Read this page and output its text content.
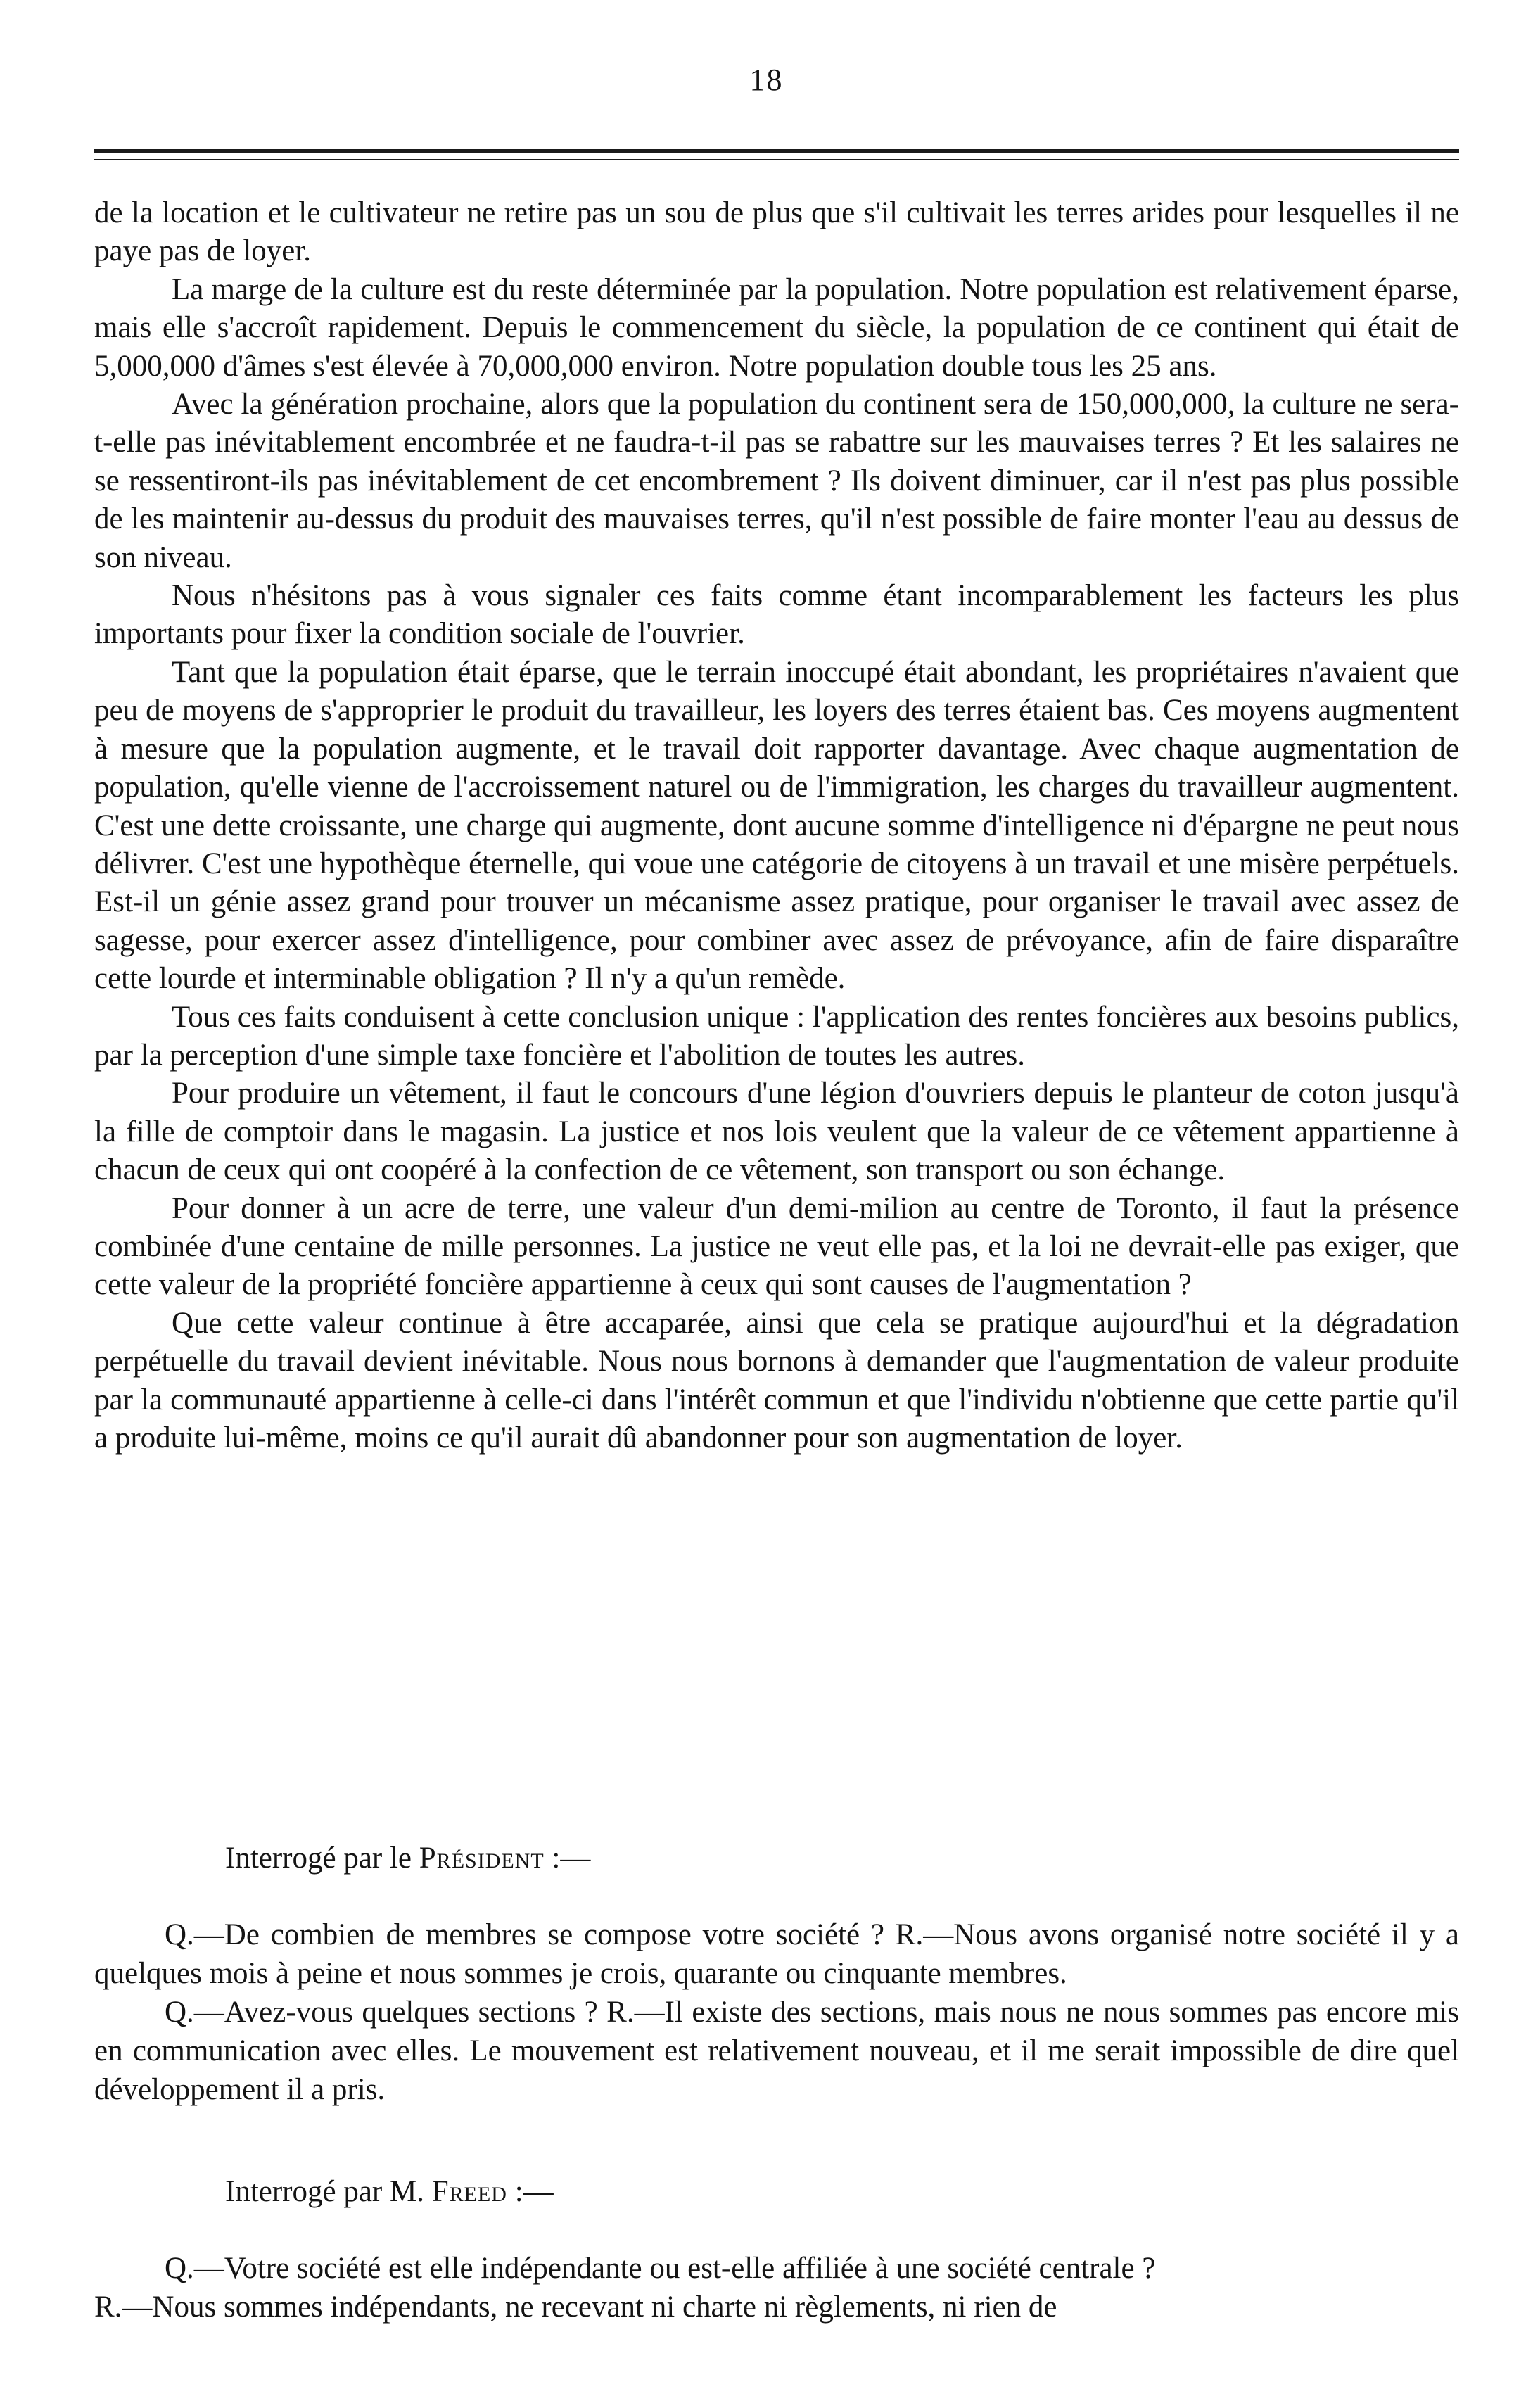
18

de la location et le cultivateur ne retire pas un sou de plus que s'il cultivait les terres arides pour lesquelles il ne paye pas de loyer.

La marge de la culture est du reste déterminée par la population. Notre population est relativement éparse, mais elle s'accroît rapidement. Depuis le commencement du siècle, la population de ce continent qui était de 5,000,000 d'âmes s'est élevée à 70,000,000 environ. Notre population double tous les 25 ans.

Avec la génération prochaine, alors que la population du continent sera de 150,000,000, la culture ne sera-t-elle pas inévitablement encombrée et ne faudra-t-il pas se rabattre sur les mauvaises terres ? Et les salaires ne se ressentiront-ils pas inévitablement de cet encombrement ? Ils doivent diminuer, car il n'est pas plus possible de les maintenir au-dessus du produit des mauvaises terres, qu'il n'est possible de faire monter l'eau au dessus de son niveau.

Nous n'hésitons pas à vous signaler ces faits comme étant incomparablement les facteurs les plus importants pour fixer la condition sociale de l'ouvrier.

Tant que la population était éparse, que le terrain inoccupé était abondant, les propriétaires n'avaient que peu de moyens de s'approprier le produit du travailleur, les loyers des terres étaient bas. Ces moyens augmentent à mesure que la population augmente, et le travail doit rapporter davantage. Avec chaque augmentation de population, qu'elle vienne de l'accroissement naturel ou de l'immigration, les charges du travailleur augmentent. C'est une dette croissante, une charge qui augmente, dont aucune somme d'intelligence ni d'épargne ne peut nous délivrer. C'est une hypothèque éternelle, qui voue une catégorie de citoyens à un travail et une misère perpétuels. Est-il un génie assez grand pour trouver un mécanisme assez pratique, pour organiser le travail avec assez de sagesse, pour exercer assez d'intelligence, pour combiner avec assez de prévoyance, afin de faire disparaître cette lourde et interminable obligation ? Il n'y a qu'un remède.

Tous ces faits conduisent à cette conclusion unique : l'application des rentes foncières aux besoins publics, par la perception d'une simple taxe foncière et l'abolition de toutes les autres.

Pour produire un vêtement, il faut le concours d'une légion d'ouvriers depuis le planteur de coton jusqu'à la fille de comptoir dans le magasin. La justice et nos lois veulent que la valeur de ce vêtement appartienne à chacun de ceux qui ont coopéré à la confection de ce vêtement, son transport ou son échange.

Pour donner à un acre de terre, une valeur d'un demi-milion au centre de Toronto, il faut la présence combinée d'une centaine de mille personnes. La justice ne veut elle pas, et la loi ne devrait-elle pas exiger, que cette valeur de la propriété foncière appartienne à ceux qui sont causes de l'augmentation ?

Que cette valeur continue à être accaparée, ainsi que cela se pratique aujourd'hui et la dégradation perpétuelle du travail devient inévitable. Nous nous bornons à demander que l'augmentation de valeur produite par la communauté appartienne à celle-ci dans l'intérêt commun et que l'individu n'obtienne que cette partie qu'il a produite lui-même, moins ce qu'il aurait dû abandonner pour son augmentation de loyer.

Interrogé par le Président :—

Q.—De combien de membres se compose votre société ? R.—Nous avons organisé notre société il y a quelques mois à peine et nous sommes je crois, quarante ou cinquante membres.

Q.—Avez-vous quelques sections ? R.—Il existe des sections, mais nous ne nous sommes pas encore mis en communication avec elles. Le mouvement est relativement nouveau, et il me serait impossible de dire quel développement il a pris.

Interrogé par M. Freed :—

Q.—Votre société est elle indépendante ou est-elle affiliée à une société centrale ?

R.—Nous sommes indépendants, ne recevant ni charte ni règlements, ni rien de
